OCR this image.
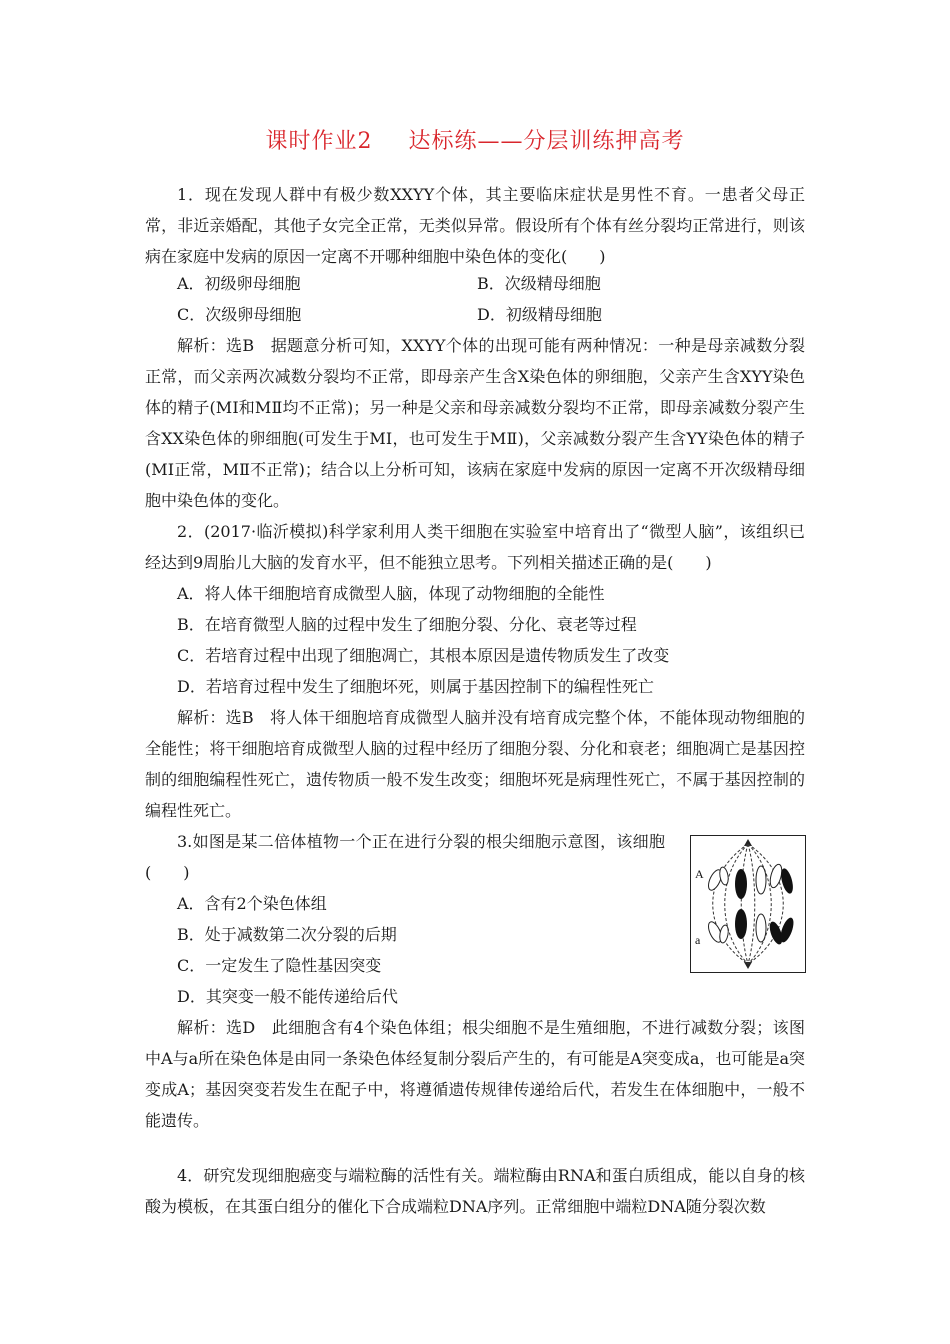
课时作业2 达标练——分层训练押高考

1．现在发现人群中有极少数XXYY个体，其主要临床症状是男性不育。一患者父母正常，非近亲婚配，其他子女完全正常，无类似异常。假设所有个体有丝分裂均正常进行，则该病在家庭中发病的原因一定离不开哪种细胞中染色体的变化(　　)

A．初级卵母细胞	B．次级精母细胞
C．次级卵母细胞	D．初级精母细胞

解析：选B　据题意分析可知，XXYY个体的出现可能有两种情况：一种是母亲减数分裂正常，而父亲两次减数分裂均不正常，即母亲产生含X染色体的卵细胞，父亲产生含XYY染色体的精子(MⅠ和MⅡ均不正常)；另一种是父亲和母亲减数分裂均不正常，即母亲减数分裂产生含XX染色体的卵细胞(可发生于MⅠ，也可发生于MⅡ)，父亲减数分裂产生含YY染色体的精子(MⅠ正常，MⅡ不正常)；结合以上分析可知，该病在家庭中发病的原因一定离不开次级精母细胞中染色体的变化。

2．(2017·临沂模拟)科学家利用人类干细胞在实验室中培育出了“微型人脑”，该组织已经达到9周胎儿大脑的发育水平，但不能独立思考。下列相关描述正确的是(　　)

A．将人体干细胞培育成微型人脑，体现了动物细胞的全能性
B．在培育微型人脑的过程中发生了细胞分裂、分化、衰老等过程
C．若培育过程中出现了细胞凋亡，其根本原因是遗传物质发生了改变
D．若培育过程中发生了细胞坏死，则属于基因控制下的编程性死亡

解析：选B　将人体干细胞培育成微型人脑并没有培育成完整个体，不能体现动物细胞的全能性；将干细胞培育成微型人脑的过程中经历了细胞分裂、分化和衰老；细胞凋亡是基因控制的细胞编程性死亡，遗传物质一般不发生改变；细胞坏死是病理性死亡，不属于基因控制的编程性死亡。

3.如图是某二倍体植物一个正在进行分裂的根尖细胞示意图，该细胞(　　)

A．含有2个染色体组
B．处于减数第二次分裂的后期
C．一定发生了隐性基因突变
D．其突变一般不能传递给后代
A
a

解析：选D　此细胞含有4个染色体组；根尖细胞不是生殖细胞，不进行减数分裂；该图中A与a所在染色体是由同一条染色体经复制分裂后产生的，有可能是A突变成a，也可能是a突变成A；基因突变若发生在配子中，将遵循遗传规律传递给后代，若发生在体细胞中，一般不能遗传。

4．研究发现细胞癌变与端粒酶的活性有关。端粒酶由RNA和蛋白质组成，能以自身的核酸为模板，在其蛋白组分的催化下合成端粒DNA序列。正常细胞中端粒DNA随分裂次数
